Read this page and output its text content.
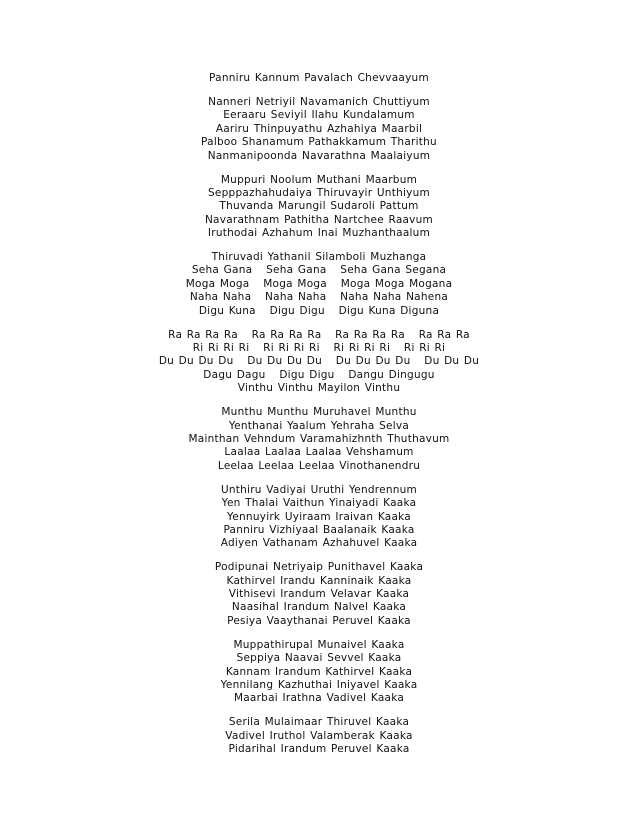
Panniru Kannum Pavalach Chevvaayum
Nanneri Netriyil Navamanich Chuttiyum
Eeraaru Seviyil Ilahu Kundalamum
Aariru Thinpuyathu Azhahiya Maarbil
Palboo Shanamum Pathakkamum Tharithu
Nanmanipoonda Navarathna Maalaiyum
Muppuri Noolum Muthani Maarbum
Sepppazhahudaiya Thiruvayir Unthiyum
Thuvanda Marungil Sudaroli Pattum
Navarathnam Pathitha Nartchee Raavum
Iruthodai Azhahum Inai Muzhanthaalum
Thiruvadi Yathanil Silamboli Muzhanga
Seha Gana   Seha Gana   Seha Gana Segana
Moga Moga   Moga Moga   Moga Moga Mogana
Naha Naha   Naha Naha   Naha Naha Nahena
Digu Kuna   Digu Digu   Digu Kuna Diguna
Ra Ra Ra Ra   Ra Ra Ra Ra   Ra Ra Ra Ra   Ra Ra Ra
Ri Ri Ri Ri   Ri Ri Ri Ri   Ri Ri Ri Ri   Ri Ri Ri
Du Du Du Du   Du Du Du Du   Du Du Du Du   Du Du Du
Dagu Dagu   Digu Digu   Dangu Dingugu
Vinthu Vinthu Mayilon Vinthu
Munthu Munthu Muruhavel Munthu
Yenthanai Yaalum Yehraha Selva
Mainthan Vehndum Varamahizhnth Thuthavum
Laalaa Laalaa Laalaa Vehshamum
Leelaa Leelaa Leelaa Vinothanendru
Unthiru Vadiyai Uruthi Yendrennum
Yen Thalai Vaithun Yinaiyadi Kaaka
Yennuyirk Uyiraam Iraivan Kaaka
Panniru Vizhiyaal Baalanaik Kaaka
Adiyen Vathanam Azhahuvel Kaaka
Podipunai Netriyaip Punithavel Kaaka
Kathirvel Irandu Kanninaik Kaaka
Vithisevi Irandum Velavar Kaaka
Naasihal Irandum Nalvel Kaaka
Pesiya Vaaythanai Peruvel Kaaka
Muppathirupal Munaivel Kaaka
Seppiya Naavai Sevvel Kaaka
Kannam Irandum Kathirvel Kaaka
Yennilang Kazhuthai Iniyavel Kaaka
Maarbai Irathna Vadivel Kaaka
Serila Mulaimaar Thiruvel Kaaka
Vadivel Iruthol Valamberak Kaaka
Pidarihal Irandum Peruvel Kaaka
